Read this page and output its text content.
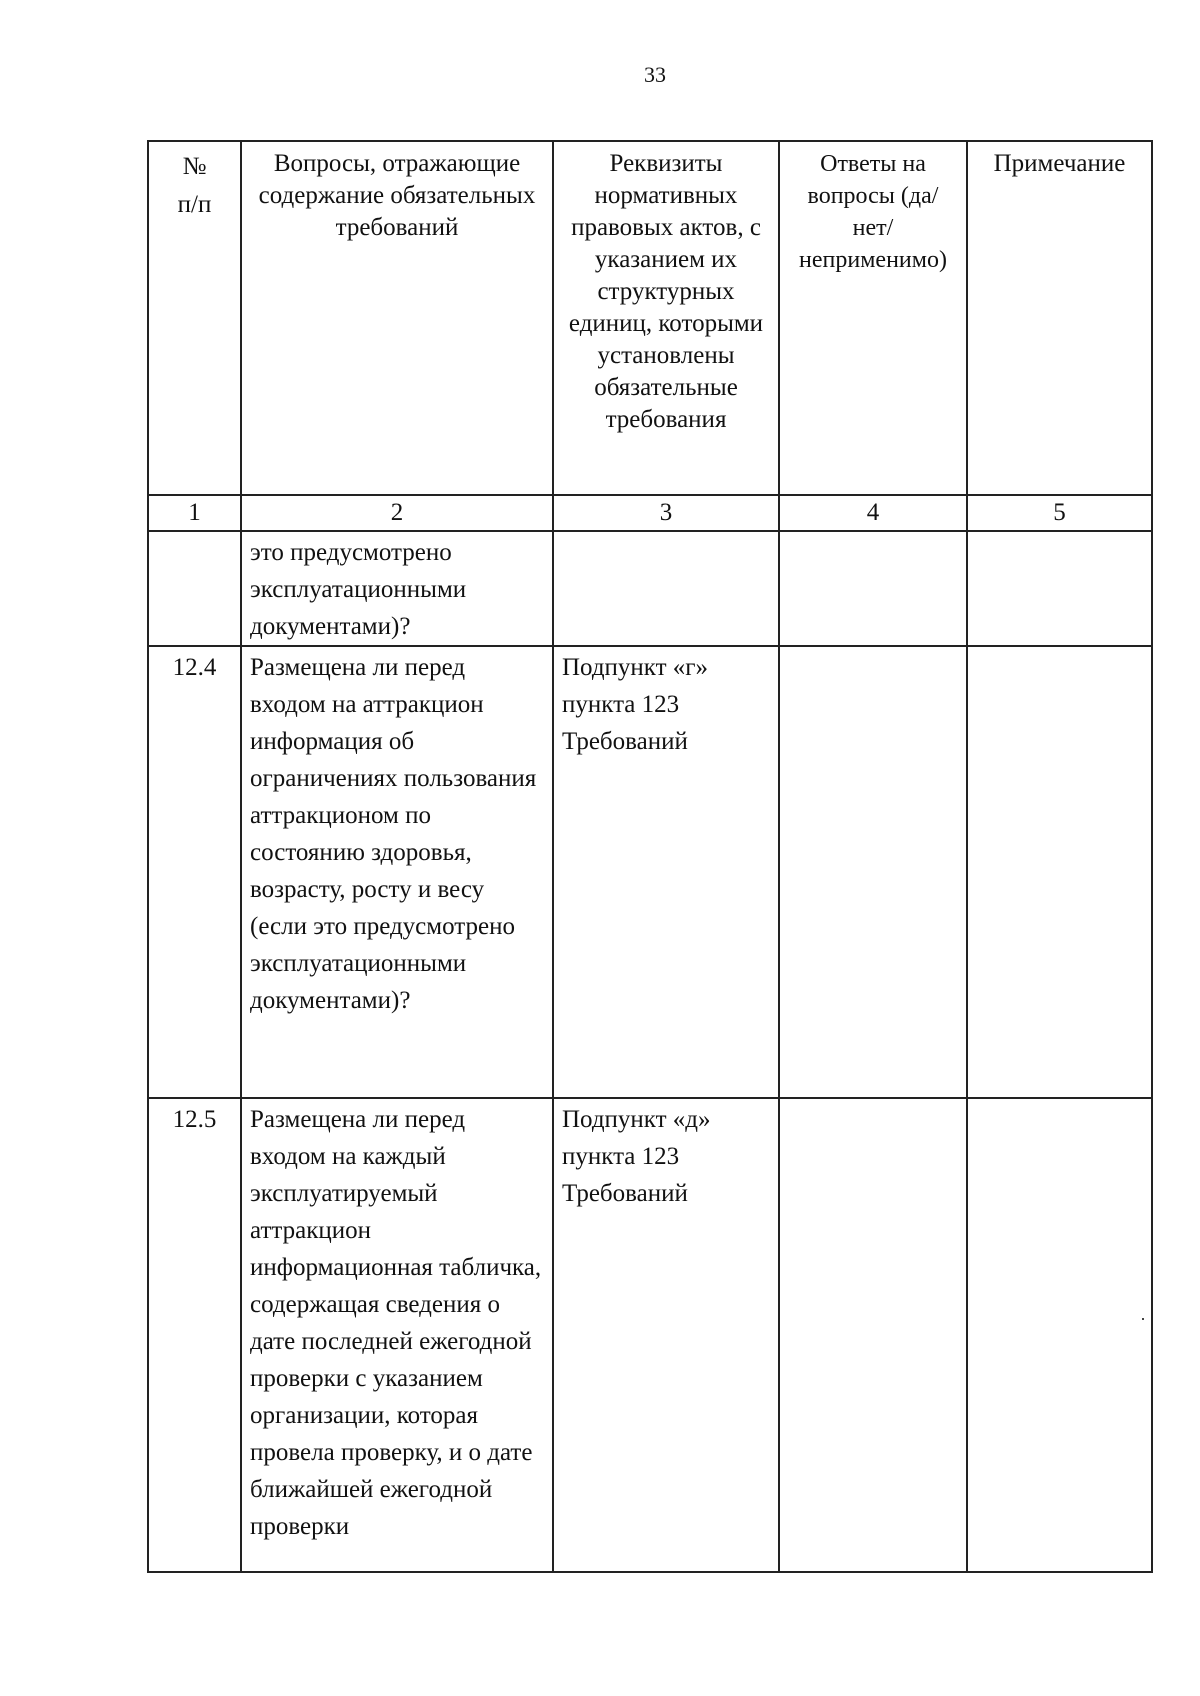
33
№
п/п	Вопросы, отражающие содержание обязательных требований	Реквизиты нормативных правовых актов, с указанием их структурных единиц, которыми установлены обязательные требования	Ответы на вопросы (да/нет/ неприменимо)	Примечание
1	2	3	4	5
	это предусмотрено эксплуатационными документами)?			
12.4	Размещена ли перед входом на аттракцион информация об ограничениях пользования аттракционом по состоянию здоровья, возрасту, росту и весу (если это предусмотрено эксплуатационными документами)?	Подпункт «г» пункта 123 Требований		
12.5	Размещена ли перед входом на каждый эксплуатируемый аттракцион информационная табличка, содержащая сведения о дате последней ежегодной проверки с указанием организации, которая провела проверку, и о дате ближайшей ежегодной проверки	Подпункт «д» пункта 123 Требований		
